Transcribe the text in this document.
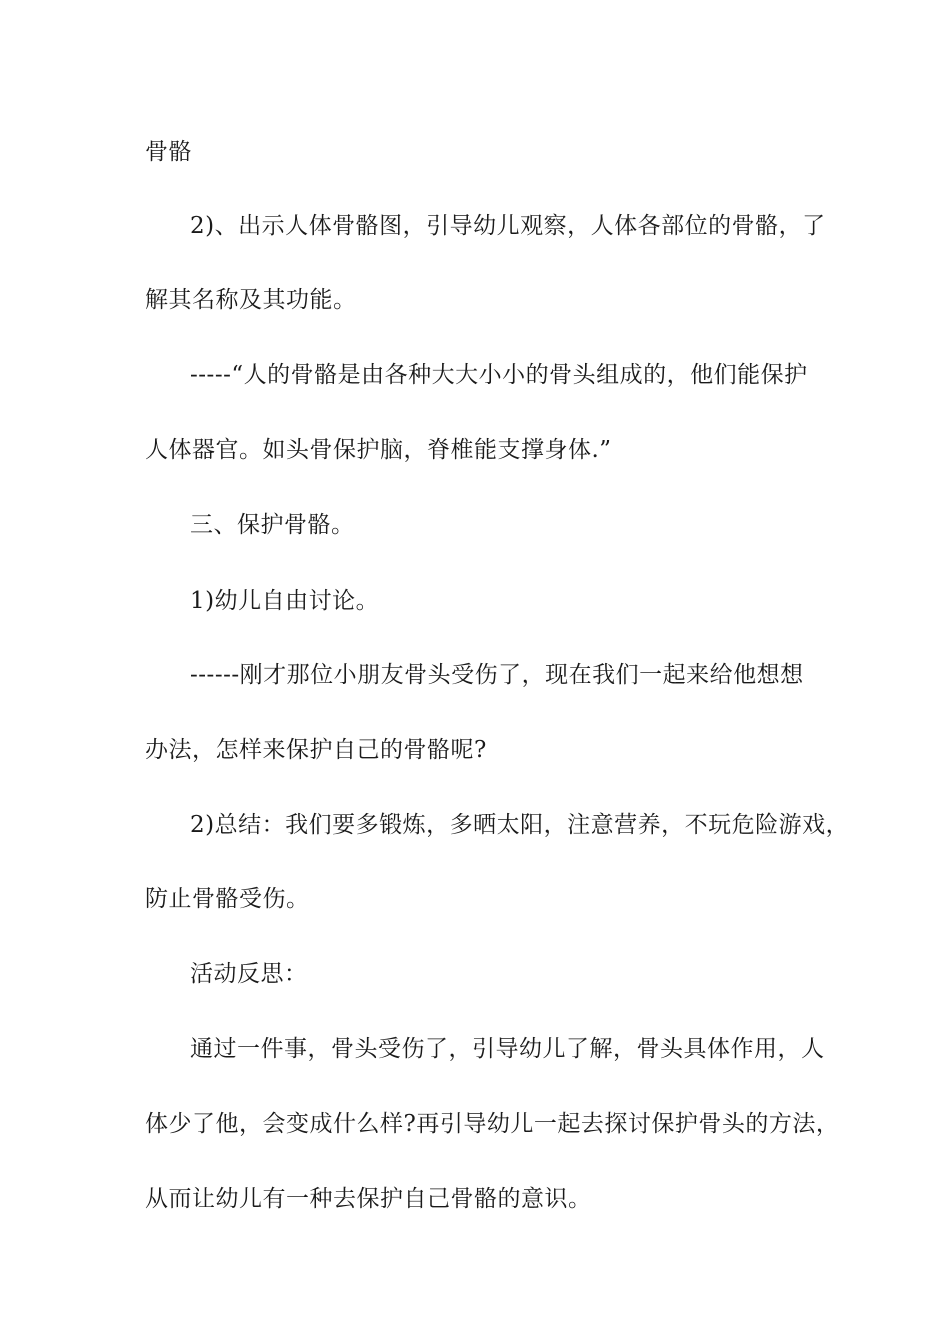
骨骼
2)、出示人体骨骼图，引导幼儿观察，人体各部位的骨骼，了
解其名称及其功能。
-----“人的骨骼是由各种大大小小的骨头组成的，他们能保护
人体器官。如头骨保护脑，脊椎能支撑身体.”
三、保护骨骼。
1)幼儿自由讨论。
------刚才那位小朋友骨头受伤了，现在我们一起来给他想想
办法，怎样来保护自己的骨骼呢?
2)总结：我们要多锻炼，多晒太阳，注意营养，不玩危险游戏，
防止骨骼受伤。
活动反思：
通过一件事，骨头受伤了，引导幼儿了解，骨头具体作用，人
体少了他，会变成什么样?再引导幼儿一起去探讨保护骨头的方法，
从而让幼儿有一种去保护自己骨骼的意识。
